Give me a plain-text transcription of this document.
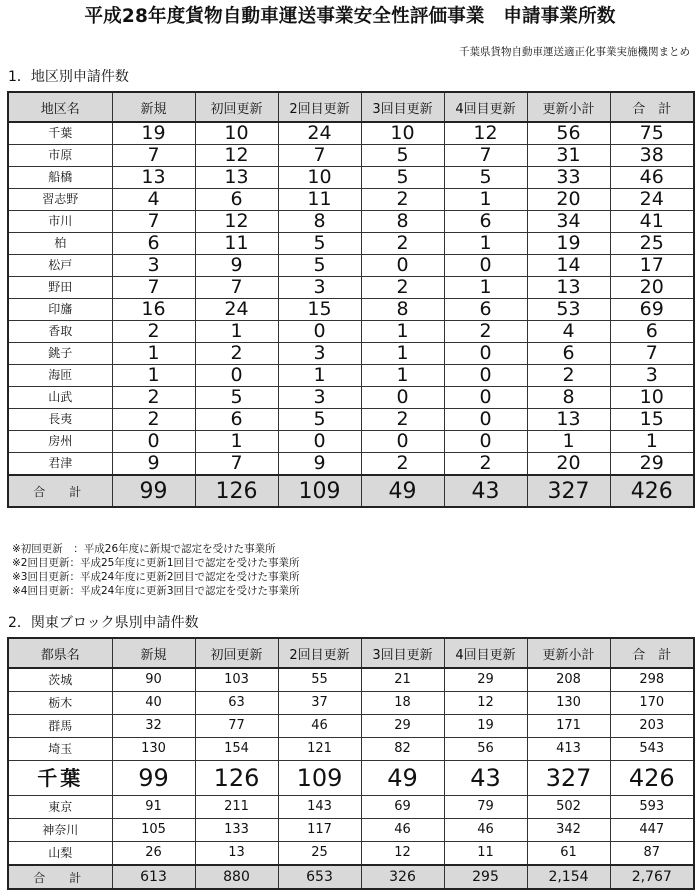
平成28年度貨物自動車運送事業安全性評価事業　申請事業所数
千葉県貨物自動車運送適正化事業実施機関まとめ
1．地区別申請件数
地区名	新規	初回更新	2回目更新	3回目更新	4回目更新	更新小計	合　計
千葉	19	10	24	10	12	56	75
市原	7	12	7	5	7	31	38
船橋	13	13	10	5	5	33	46
習志野	4	6	11	2	1	20	24
市川	7	12	8	8	6	34	41
柏	6	11	5	2	1	19	25
松戸	3	9	5	0	0	14	17
野田	7	7	3	2	1	13	20
印旛	16	24	15	8	6	53	69
香取	2	1	0	1	2	4	6
銚子	1	2	3	1	0	6	7
海匝	1	0	1	1	0	2	3
山武	2	5	3	0	0	8	10
長夷	2	6	5	2	0	13	15
房州	0	1	0	0	0	1	1
君津	9	7	9	2	2	20	29
合　計	99	126	109	49	43	327	426
※初回更新　：平成26年度に新規で認定を受けた事業所
※2回目更新：平成25年度に更新1回目で認定を受けた事業所
※3回目更新：平成24年度に更新2回目で認定を受けた事業所
※4回目更新：平成24年度に更新3回目で認定を受けた事業所
2．関東ブロック県別申請件数
都県名	新規	初回更新	2回目更新	3回目更新	4回目更新	更新小計	合　計
茨城	90	103	55	21	29	208	298
栃木	40	63	37	18	12	130	170
群馬	32	77	46	29	19	171	203
埼玉	130	154	121	82	56	413	543
千葉	99	126	109	49	43	327	426
東京	91	211	143	69	79	502	593
神奈川	105	133	117	46	46	342	447
山梨	26	13	25	12	11	61	87
合　計	613	880	653	326	295	2,154	2,767
